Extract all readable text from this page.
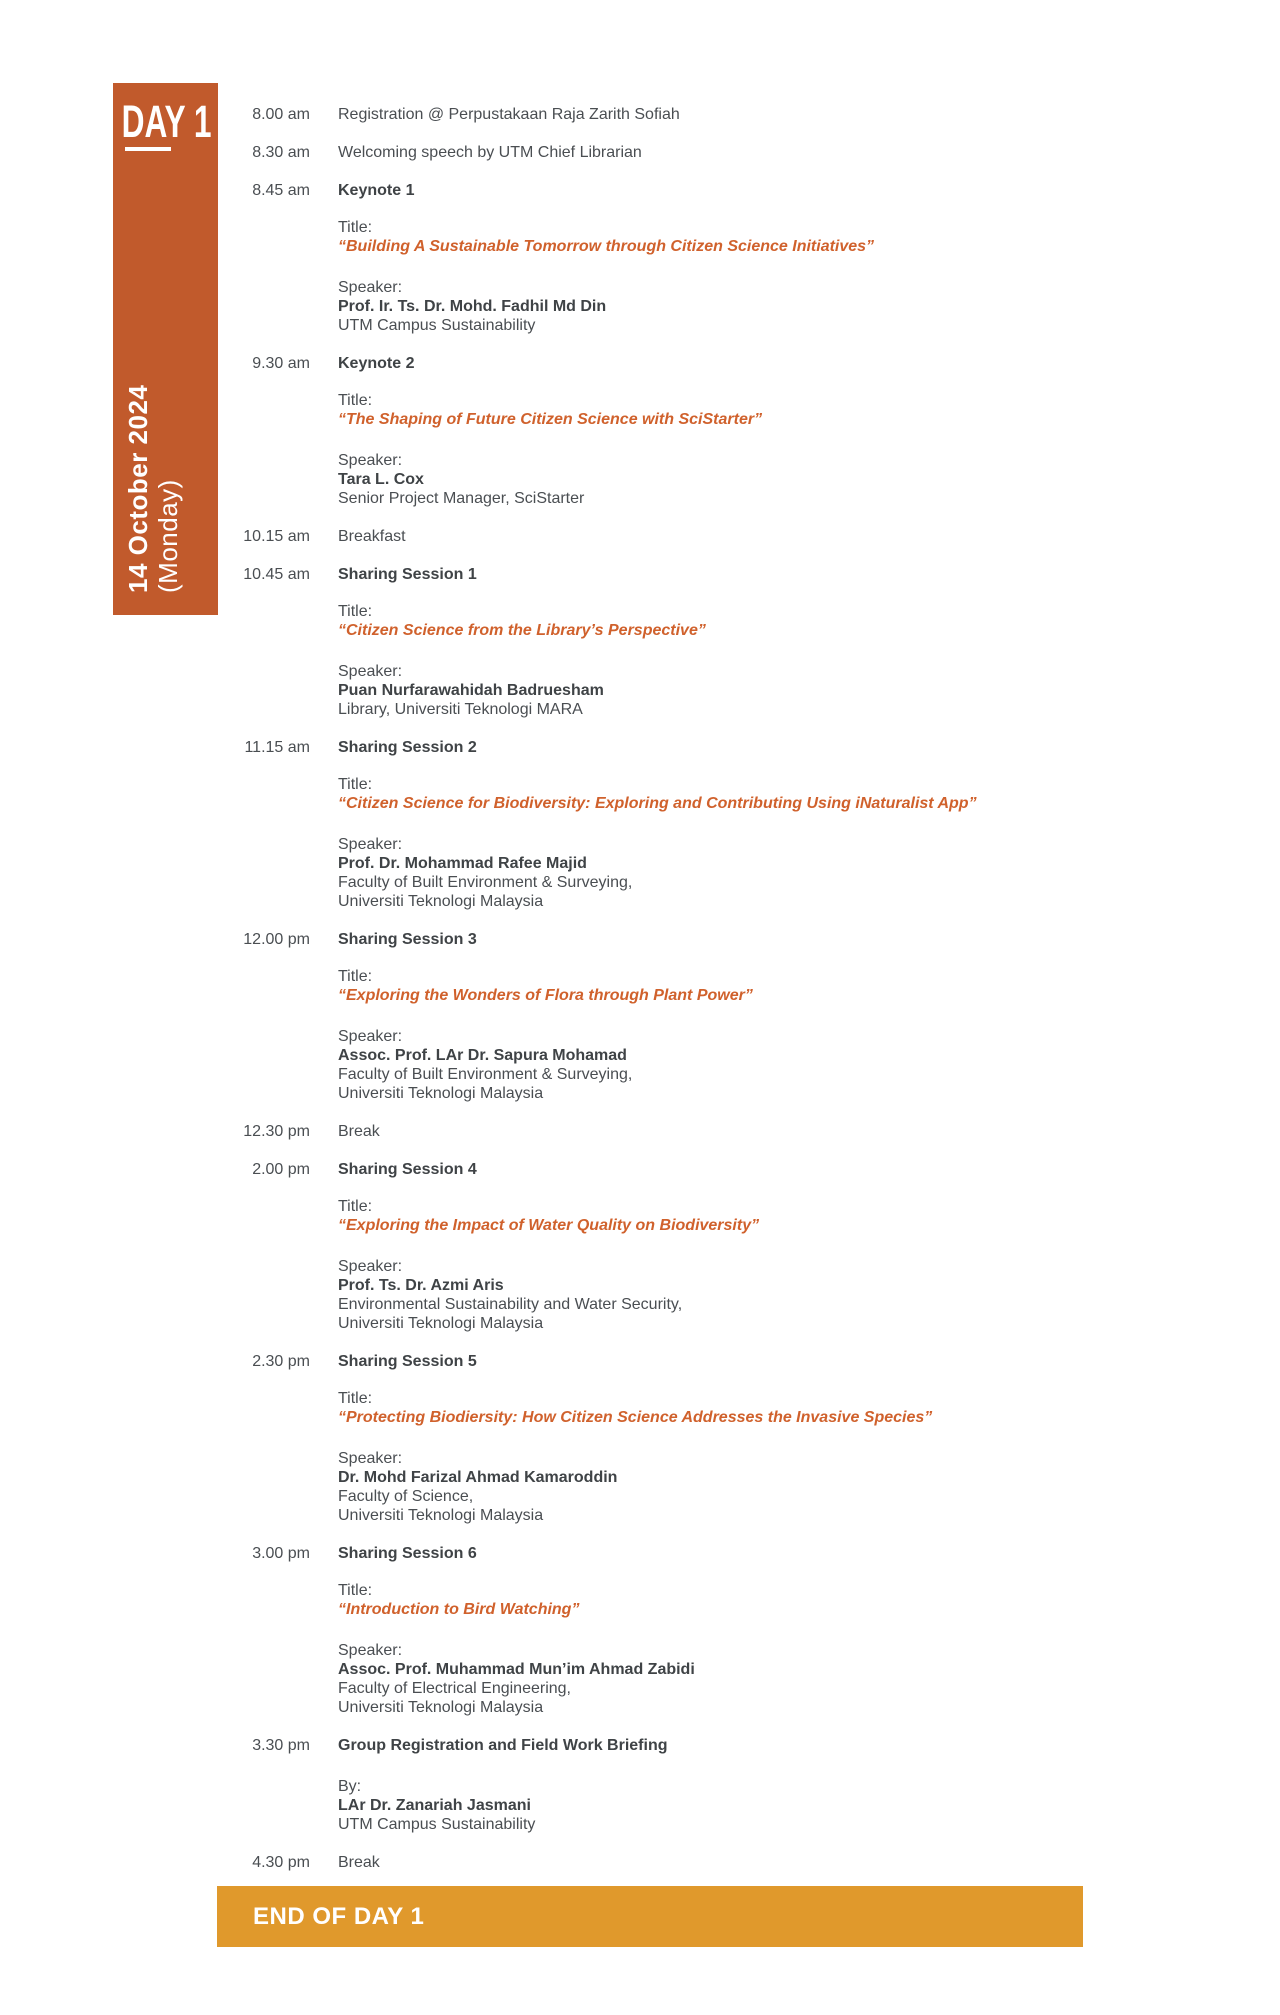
DAY 1
14 October 2024 (Monday)
8.00 am Registration @ Perpustakaan Raja Zarith Sofiah
8.30 am Welcoming speech by UTM Chief Librarian
8.45 am Keynote 1
Title:
“Building A Sustainable Tomorrow through Citizen Science Initiatives”
Speaker:
Prof. Ir. Ts. Dr. Mohd. Fadhil Md Din
UTM Campus Sustainability
9.30 am Keynote 2
Title:
“The Shaping of Future Citizen Science with SciStarter”
Speaker:
Tara L. Cox
Senior Project Manager, SciStarter
10.15 am Breakfast
10.45 am Sharing Session 1
Title:
“Citizen Science from the Library’s Perspective”
Speaker:
Puan Nurfarawahidah Badruesham
Library, Universiti Teknologi MARA
11.15 am Sharing Session 2
Title:
“Citizen Science for Biodiversity: Exploring and Contributing Using iNaturalist App”
Speaker:
Prof. Dr. Mohammad Rafee Majid
Faculty of Built Environment & Surveying,
Universiti Teknologi Malaysia
12.00 pm Sharing Session 3
Title:
“Exploring the Wonders of Flora through Plant Power”
Speaker:
Assoc. Prof. LAr Dr. Sapura Mohamad
Faculty of Built Environment & Surveying,
Universiti Teknologi Malaysia
12.30 pm Break
2.00 pm Sharing Session 4
Title:
“Exploring the Impact of Water Quality on Biodiversity”
Speaker:
Prof. Ts. Dr. Azmi Aris
Environmental Sustainability and Water Security,
Universiti Teknologi Malaysia
2.30 pm Sharing Session 5
Title:
“Protecting Biodiersity: How Citizen Science Addresses the Invasive Species”
Speaker:
Dr. Mohd Farizal Ahmad Kamaroddin
Faculty of Science,
Universiti Teknologi Malaysia
3.00 pm Sharing Session 6
Title:
“Introduction to Bird Watching”
Speaker:
Assoc. Prof. Muhammad Mun’im Ahmad Zabidi
Faculty of Electrical Engineering,
Universiti Teknologi Malaysia
3.30 pm Group Registration and Field Work Briefing
By:
LAr Dr. Zanariah Jasmani
UTM Campus Sustainability
4.30 pm Break
END OF DAY 1
